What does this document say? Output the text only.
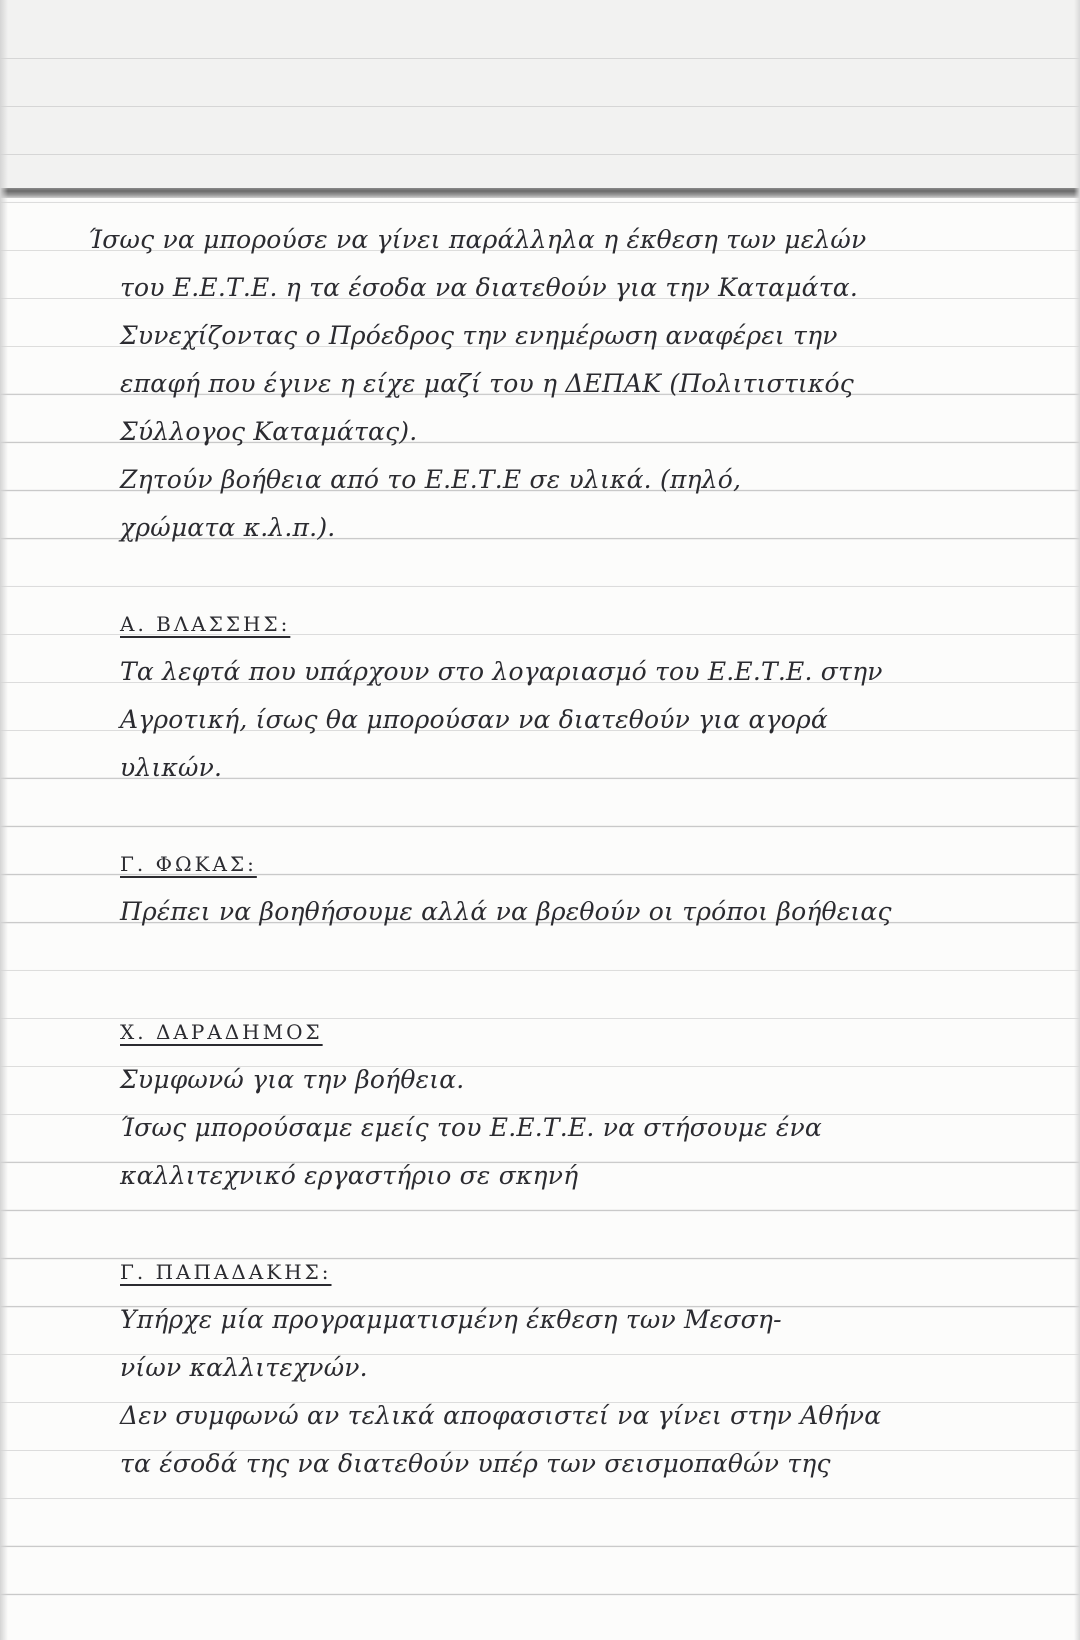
Ίσως να μπορούσε να γίνει παράλληλα η έκθεση των μελών
του Ε.Ε.Τ.Ε. η τα έσοδα να διατεθούν για την Καταμάτα.
Συνεχίζοντας ο Πρόεδρος την ενημέρωση αναφέρει την
επαφή που έγινε η είχε μαζί του η ΔΕΠΑΚ (Πολιτιστικός
Σύλλογος Καταμάτας).
Ζητούν βοήθεια από το Ε.Ε.Τ.Ε σε υλικά. (πηλό,
χρώματα κ.λ.π.).
Α. ΒΛΑΣΣΗΣ:
Τα λεφτά που υπάρχουν στο λογαριασμό του Ε.Ε.Τ.Ε. στην
Αγροτική, ίσως θα μπορούσαν να διατεθούν για αγορά
υλικών.
Γ. ΦΩΚΑΣ:
Πρέπει να βοηθήσουμε αλλά να βρεθούν οι τρόποι βοήθειας
Χ. ΔΑΡΑΔΗΜΟΣ
Συμφωνώ για την βοήθεια.
Ίσως μπορούσαμε εμείς του Ε.Ε.Τ.Ε. να στήσουμε ένα
καλλιτεχνικό εργαστήριο σε σκηνή
Γ. ΠΑΠΑΔΑΚΗΣ:
Υπήρχε μία προγραμματισμένη έκθεση των Μεσση-
νίων καλλιτεχνών.
Δεν συμφωνώ αν τελικά αποφασιστεί να γίνει στην Αθήνα
τα έσοδά της να διατεθούν υπέρ των σεισμοπαθών της
